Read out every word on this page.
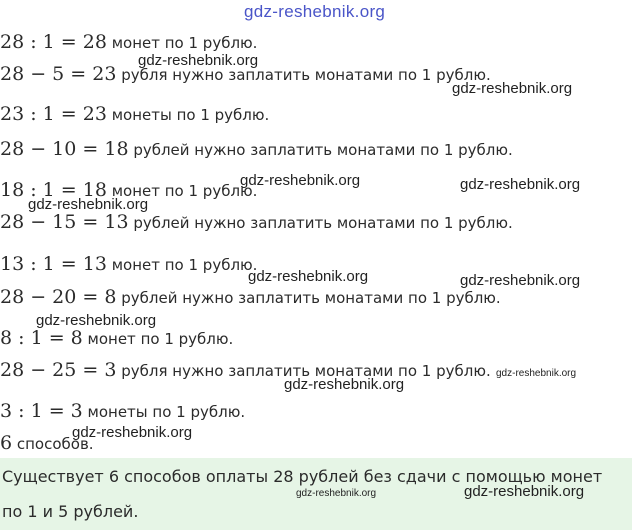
gdz-reshebnik.org
28 : 1 = 28 монет по 1 рублю.
gdz-reshebnik.org
28 − 5 = 23 рубля нужно заплатить монатами по 1 рублю.
gdz-reshebnik.org
23 : 1 = 23 монеты по 1 рублю.
28 − 10 = 18 рублей нужно заплатить монатами по 1 рублю.
18 : 1 = 18 монет по 1 рублю.
gdz-reshebnik.org	gdz-reshebnik.org
gdz-reshebnik.org
28 − 15 = 13 рублей нужно заплатить монатами по 1 рублю.
13 : 1 = 13 монет по 1 рублю.
gdz-reshebnik.org	gdz-reshebnik.org
28 − 20 = 8 рублей нужно заплатить монатами по 1 рублю.
gdz-reshebnik.org
8 : 1 = 8 монет по 1 рублю.
28 − 25 = 3 рубля нужно заплатить монатами по 1 рублю. gdz-reshebnik.org
gdz-reshebnik.org
3 : 1 = 3 монеты по 1 рублю.
6 способов.
gdz-reshebnik.org
Существует 6 способов оплаты 28 рублей без сдачи с помощью монет
gdz-reshebnik.org	gdz-reshebnik.org
по 1 и 5 рублей.
